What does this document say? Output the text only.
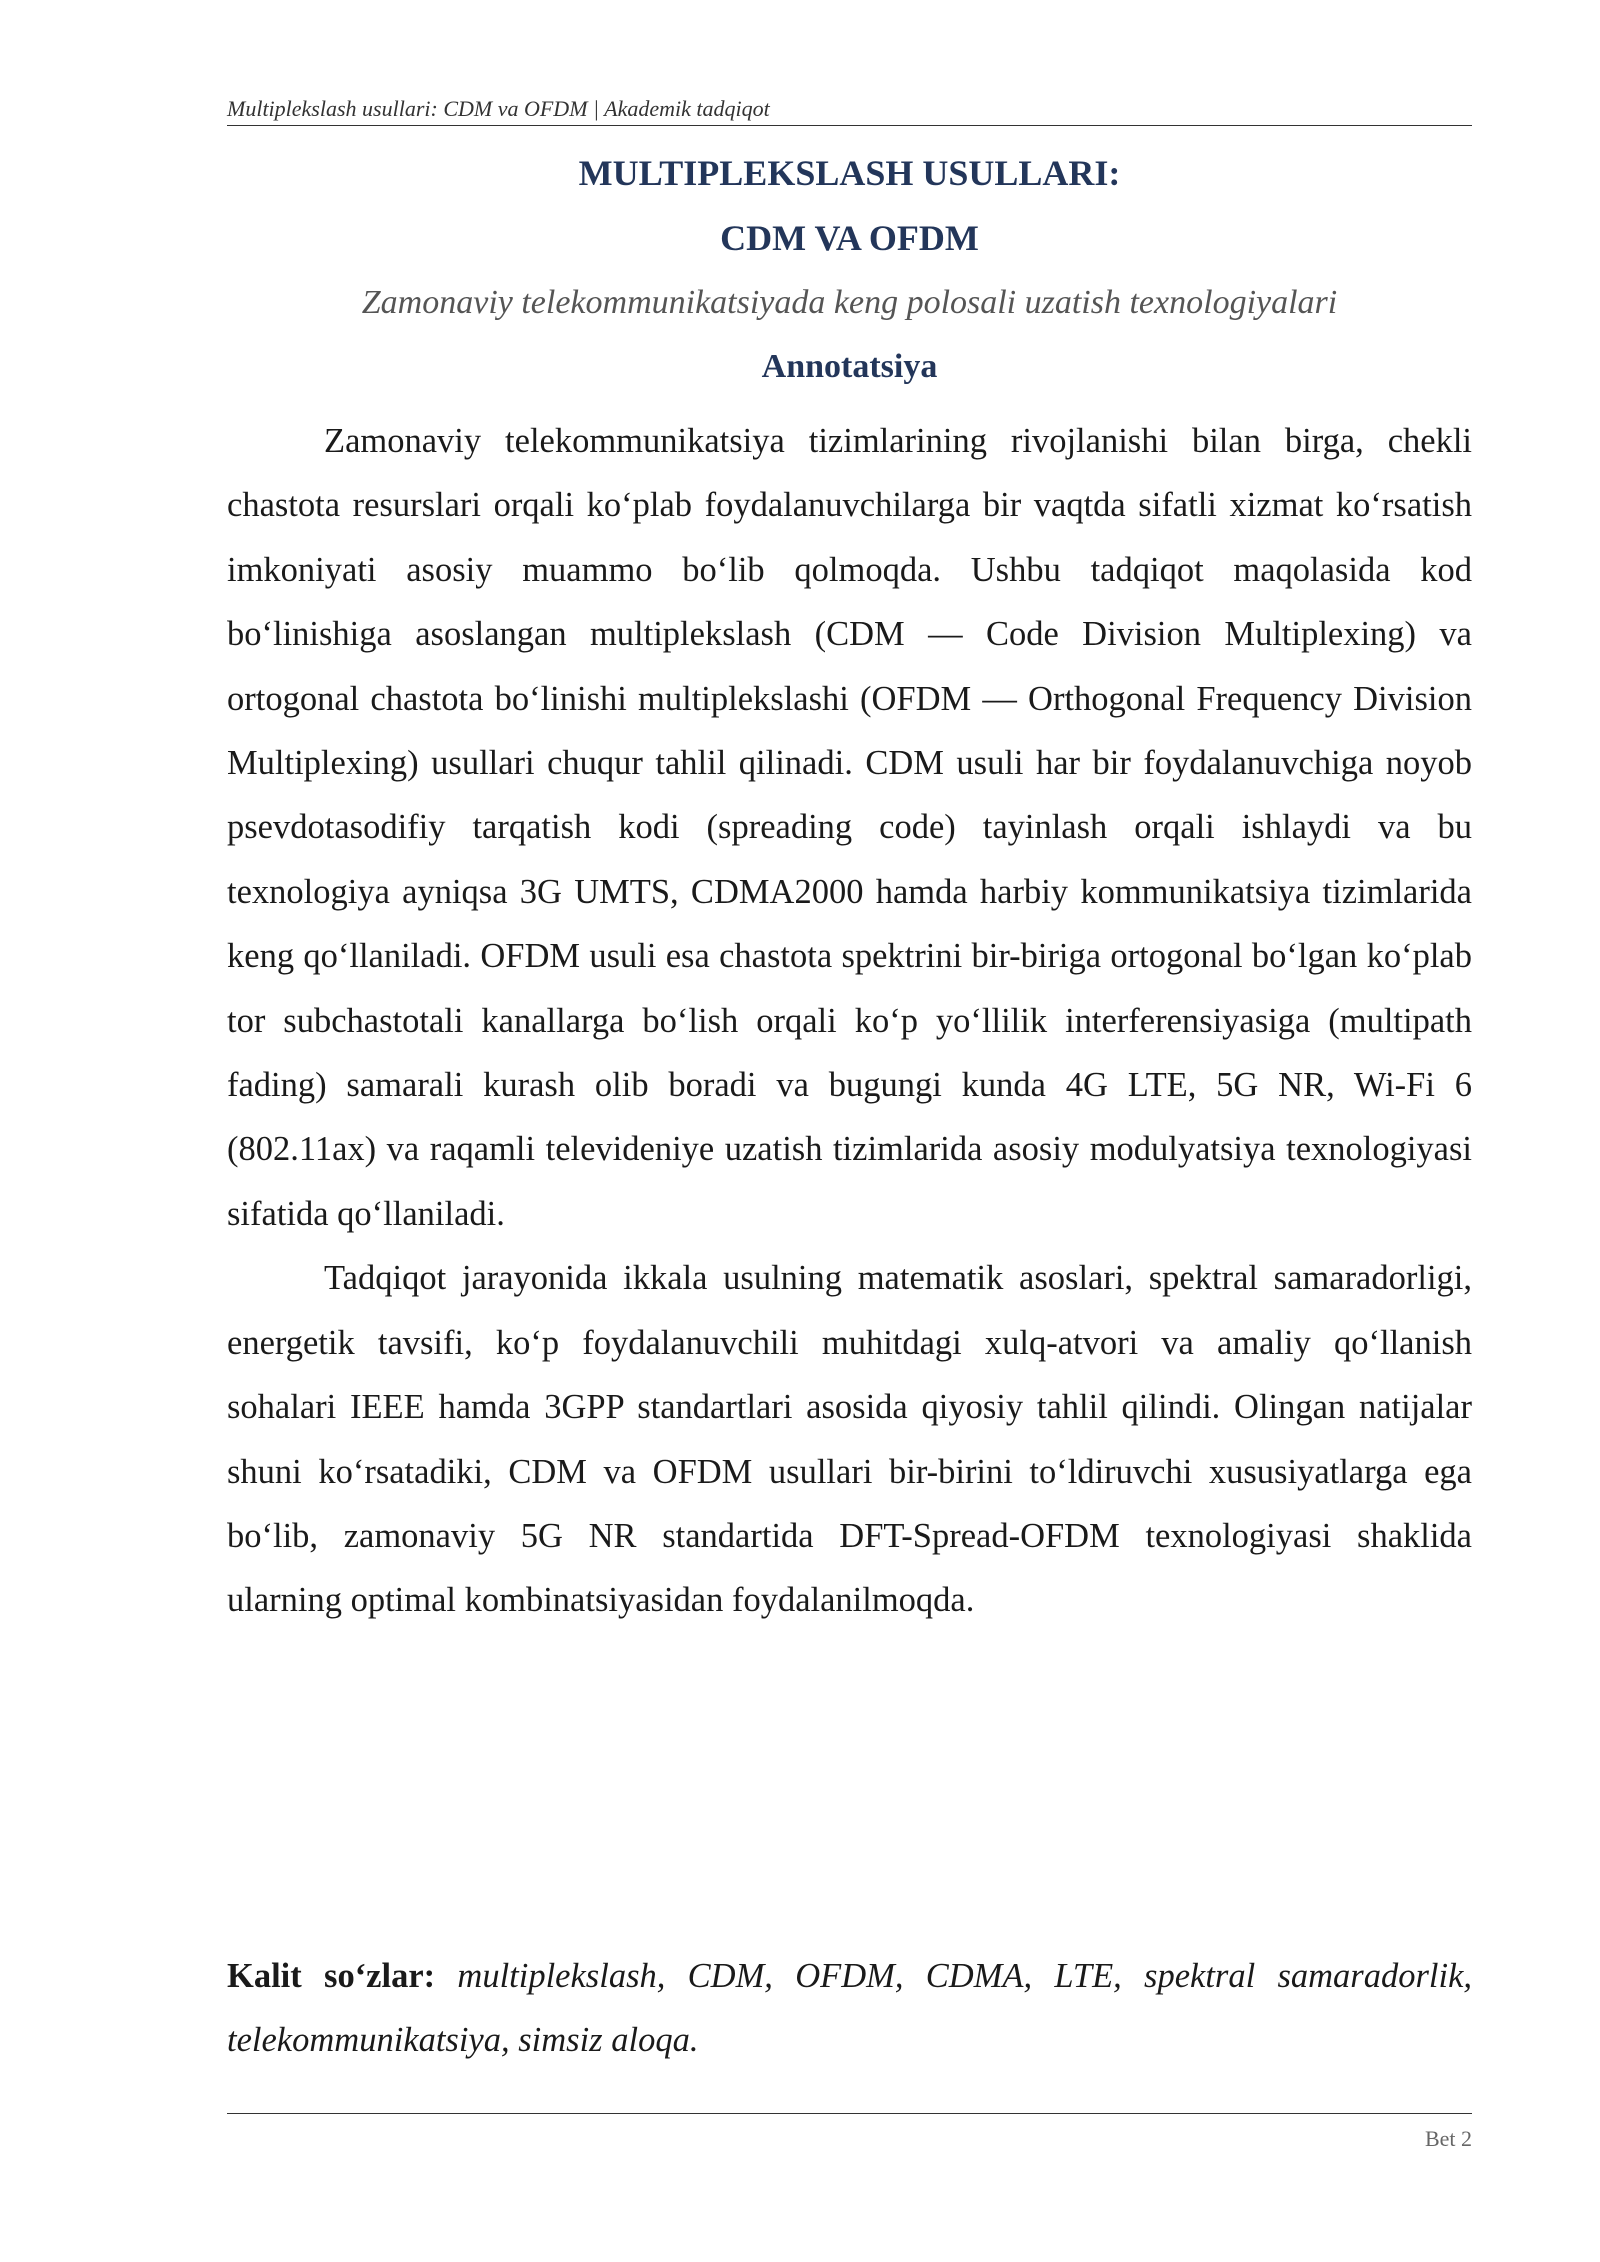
Multiplekslash usullari: CDM va OFDM | Akademik tadqiqot
MULTIPLEKSLASH USULLARI:
CDM VA OFDM
Zamonaviy telekommunikatsiyada keng polosali uzatish texnologiyalari
Annotatsiya

Zamonaviy telekommunikatsiya tizimlarining rivojlanishi bilan birga, chekli chastota resurslari orqali ko‘plab foydalanuvchilarga bir vaqtda sifatli xizmat ko‘rsatish imkoniyati asosiy muammo bo‘lib qolmoqda. Ushbu tadqiqot maqolasida kod bo‘linishiga asoslangan multiplekslash (CDM — Code Division Multiplexing) va ortogonal chastota bo‘linishi multiplekslashi (OFDM — Orthogonal Frequency Division Multiplexing) usullari chuqur tahlil qilinadi. CDM usuli har bir foydalanuvchiga noyob psevdotasodifiy tarqatish kodi (spreading code) tayinlash orqali ishlaydi va bu texnologiya ayniqsa 3G UMTS, CDMA2000 hamda harbiy kommunikatsiya tizimlarida keng qo‘llaniladi. OFDM usuli esa chastota spektrini bir-biriga ortogonal bo‘lgan ko‘plab tor subchastotali kanallarga bo‘lish orqali ko‘p yo‘llilik interferensiyasiga (multipath fading) samarali kurash olib boradi va bugungi kunda 4G LTE, 5G NR, Wi-Fi 6 (802.11ax) va raqamli televideniye uzatish tizimlarida asosiy modulyatsiya texnologiyasi sifatida qo‘llaniladi.

Tadqiqot jarayonida ikkala usulning matematik asoslari, spektral samaradorligi, energetik tavsifi, ko‘p foydalanuvchili muhitdagi xulq-atvori va amaliy qo‘llanish sohalari IEEE hamda 3GPP standartlari asosida qiyosiy tahlil qilindi. Olingan natijalar shuni ko‘rsatadiki, CDM va OFDM usullari bir-birini to‘ldiruvchi xususiyatlarga ega bo‘lib, zamonaviy 5G NR standartida DFT-Spread-OFDM texnologiyasi shaklida ularning optimal kombinatsiyasidan foydalanilmoqda.

Kalit so‘zlar: multiplekslash, CDM, OFDM, CDMA, LTE, spektral samaradorlik, telekommunikatsiya, simsiz aloqa.
Bet 2
